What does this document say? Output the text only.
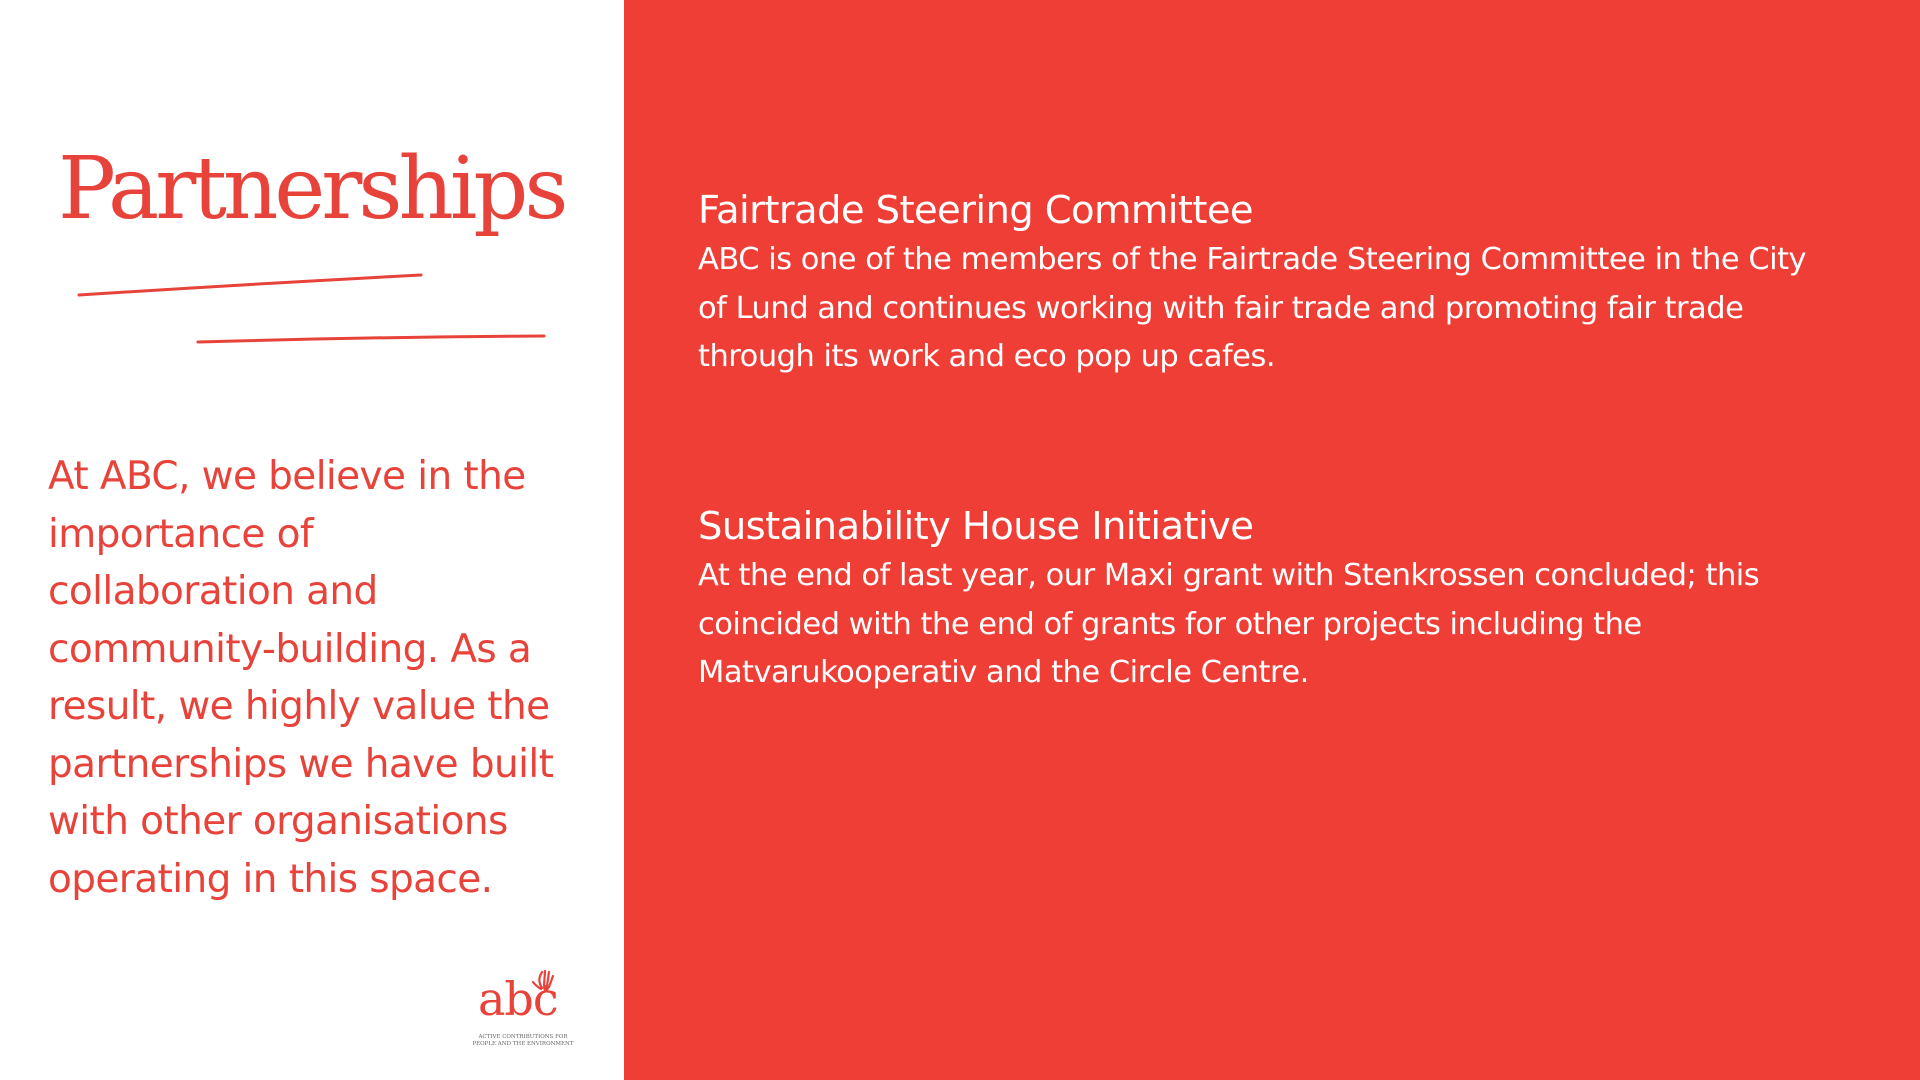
Partnerships

At ABC, we believe in the importance of collaboration and community-building. As a result, we highly value the partnerships we have built with other organisations operating in this space.

abc
ACTIVE CONTRIBUTIONS FOR PEOPLE AND THE ENVIRONMENT
Fairtrade Steering Committee

ABC is one of the members of the Fairtrade Steering Committee in the City of Lund and continues working with fair trade and promoting fair trade through its work and eco pop up cafes.

Sustainability House Initiative

At the end of last year, our Maxi grant with Stenkrossen concluded; this coincided with the end of grants for other projects including the Matvarukooperativ and the Circle Centre.
